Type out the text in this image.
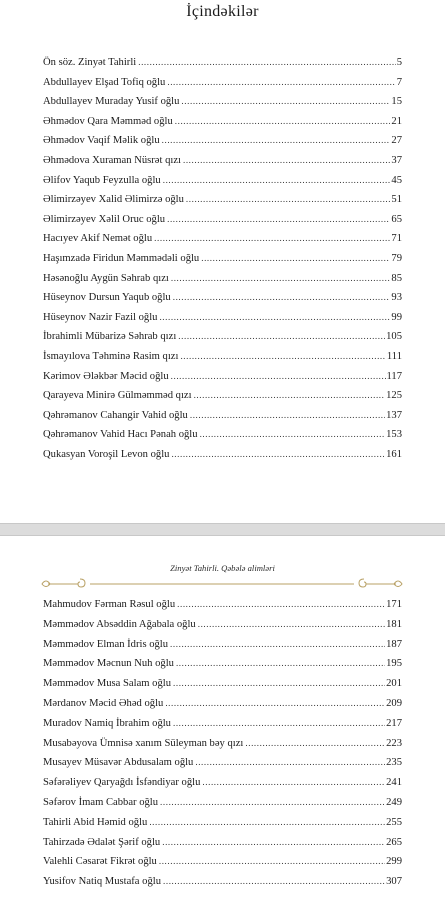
İçindəkilər
Ön söz. Zinyət Tahirli .....	5
Abdullayev Elşad Tofiq oğlu .....	7
Abdullayev Muraday Yusif oğlu .....	15
Əhmədov Qara Məmməd oğlu .....	21
Əhmədov Vaqif Məlik oğlu .....	27
Əhmədova Xuraman Nüsrət qızı .....	37
Əlifov Yaqub Feyzulla oğlu .....	45
Əlimirzəyev Xalid Əlimirzə oğlu .....	51
Əlimirzəyev Xəlil Oruc oğlu .....	65
Hacıyev Akif Nemət oğlu .....	71
Haşımzadə Firidun Məmmədəli oğlu .....	79
Həsənoğlu Aygün Səhrab qızı .....	85
Hüseynov Dursun Yaqub oğlu .....	93
Hüseynov Nazir Fazil oğlu .....	99
İbrahimli Mübarizə Səhrab qızı .....	105
İsmayılova Təhminə Rasim qızı .....	111
Kərimov Ələkbər Məcid oğlu .....	117
Qarayeva Minirə Gülməmməd qızı .....	125
Qəhrəmanov Cahangir Vahid oğlu .....	137
Qəhrəmanov Vahid Hacı Pənah oğlu .....	153
Qukasyan Voroşil Levon oğlu .....	161
Zinyət Tahirli. Qəbələ alimləri
Mahmudov Fərman Rəsul oğlu .....	171
Məmmədov Absəddin Ağabala oğlu .....	181
Məmmədov Elman İdris oğlu .....	187
Məmmədov Məcnun Nuh oğlu .....	195
Məmmədov Musa Salam oğlu .....	201
Mərdanov Məcid Əhəd oğlu .....	209
Muradov Namiq İbrahim oğlu .....	217
Musabəyova Ümnisə xanım Süleyman bəy qızı .....	223
Musayev Müsavər Abdusalam oğlu .....	235
Səfərəliyev Qaryağdı İsfəndiyar oğlu .....	241
Səfərov İmam Cabbar oğlu .....	249
Tahirli Abid Həmid oğlu .....	255
Tahirzadə Ədalət Şərif oğlu .....	265
Valehli Cəsarət Fikrət oğlu .....	299
Yusifov Natiq Mustafa oğlu .....	307
